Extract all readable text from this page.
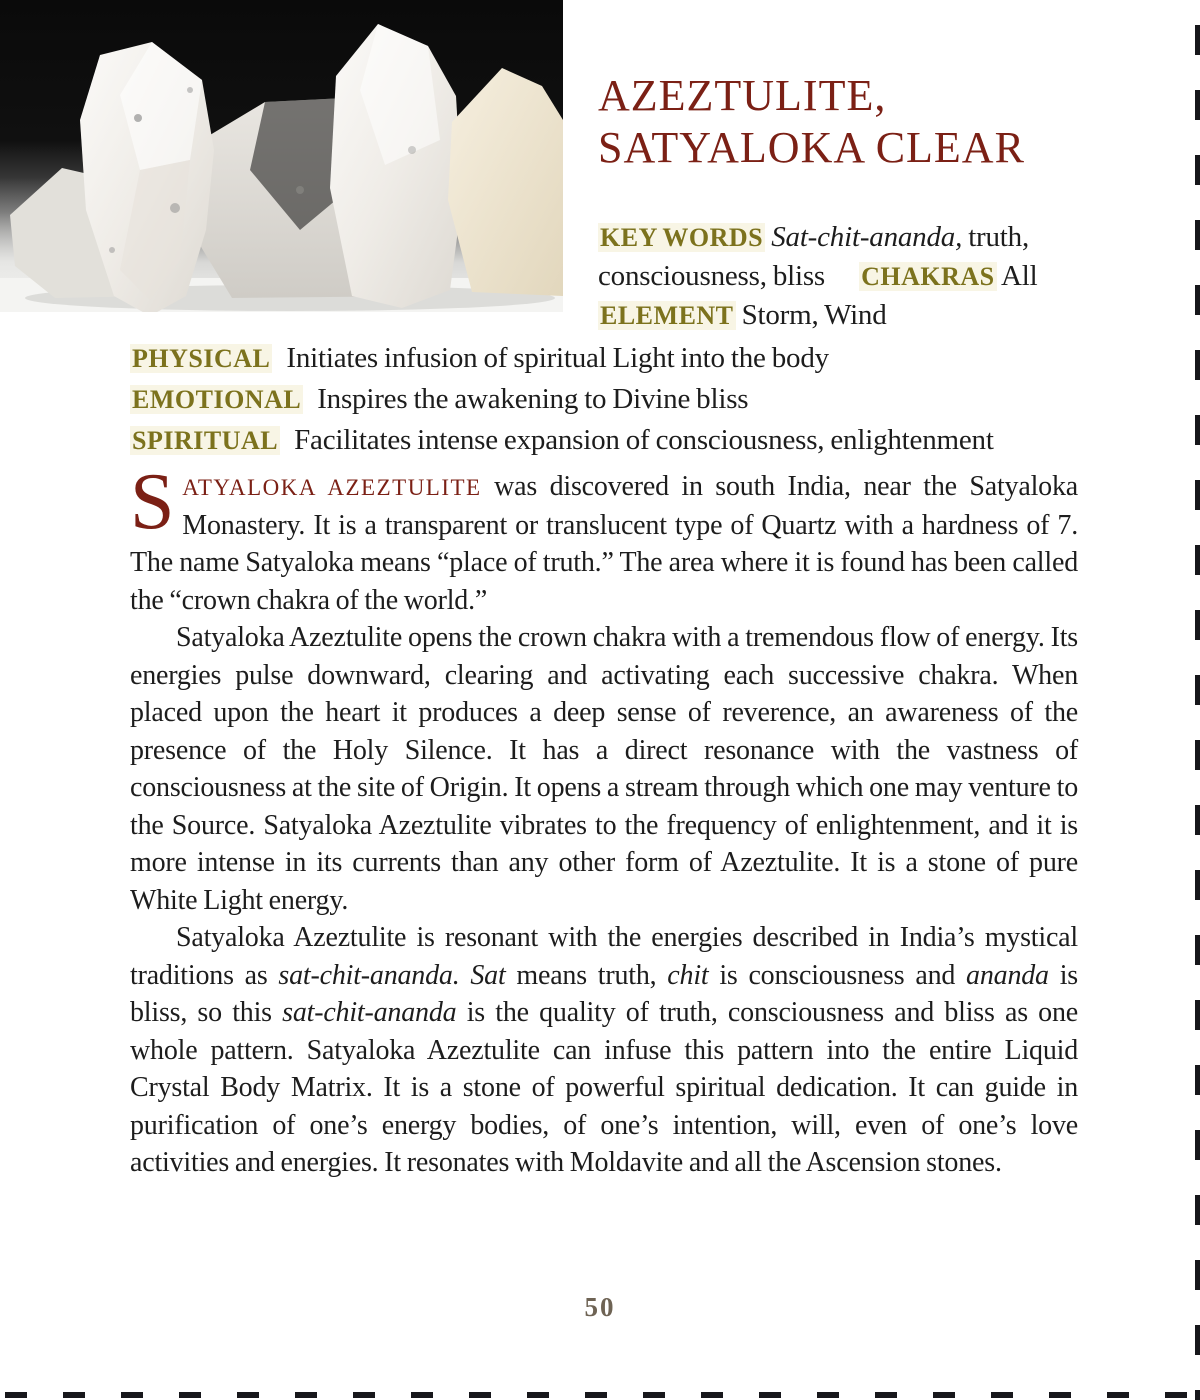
AZEZTULITE, SATYALOKA CLEAR
KEY WORDS Sat-chit-ananda, truth, consciousness, bliss CHAKRAS All
ELEMENT Storm, Wind
PHYSICAL Initiates infusion of spiritual Light into the body
EMOTIONAL Inspires the awakening to Divine bliss
SPIRITUAL Facilitates intense expansion of consciousness, enlightenment

SATYALOKA AZEZTULITE was discovered in south India, near the Satyaloka Monastery. It is a transparent or translucent type of Quartz with a hardness of 7. The name Satyaloka means “place of truth.” The area where it is found has been called the “crown chakra of the world.”

Satyaloka Azeztulite opens the crown chakra with a tremendous flow of energy. Its energies pulse downward, clearing and activating each successive chakra. When placed upon the heart it produces a deep sense of reverence, an awareness of the presence of the Holy Silence. It has a direct resonance with the vastness of consciousness at the site of Origin. It opens a stream through which one may venture to the Source. Satyaloka Azeztulite vibrates to the frequency of enlightenment, and it is more intense in its currents than any other form of Azeztulite. It is a stone of pure White Light energy.

Satyaloka Azeztulite is resonant with the energies described in India’s mystical traditions as sat-chit-ananda. Sat means truth, chit is consciousness and ananda is bliss, so this sat-chit-ananda is the quality of truth, consciousness and bliss as one whole pattern. Satyaloka Azeztulite can infuse this pattern into the entire Liquid Crystal Body Matrix. It is a stone of powerful spiritual dedication. It can guide in purification of one’s energy bodies, of one’s intention, will, even of one’s love activities and energies. It resonates with Moldavite and all the Ascension stones.

50
